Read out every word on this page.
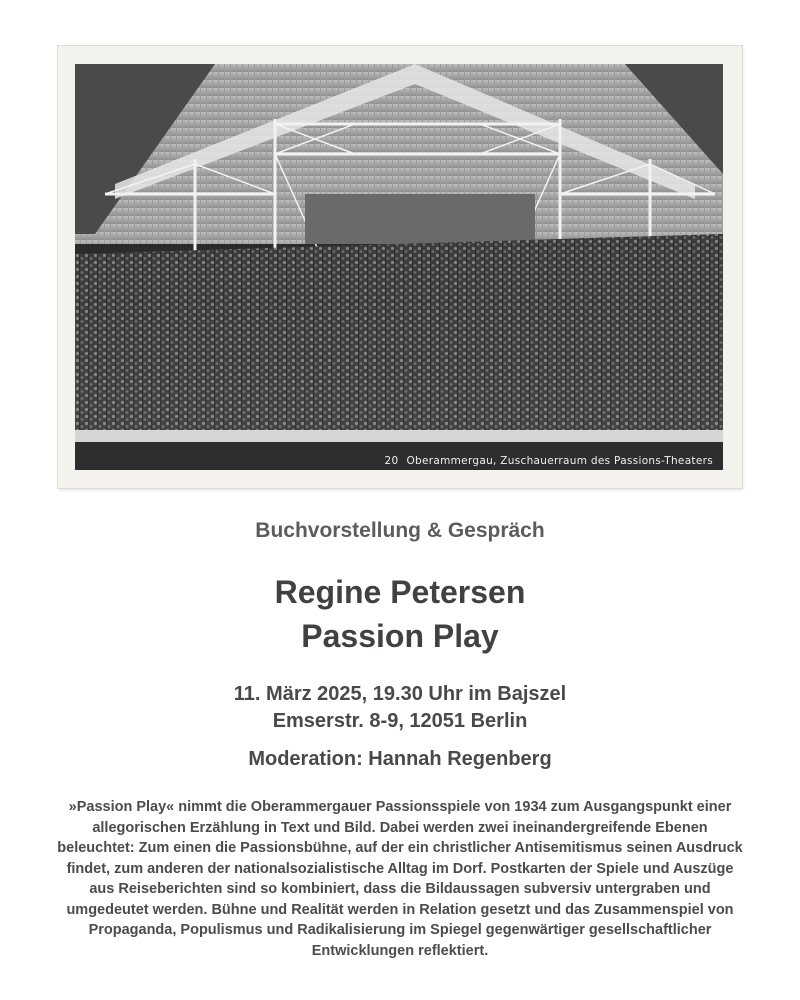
20 Oberammergau, Zuschauerraum des Passions-Theaters
Buchvorstellung & Gespräch
Regine Petersen
Passion Play
11. März 2025, 19.30 Uhr im Bajszel
Emserstr. 8-9, 12051 Berlin
Moderation: Hannah Regenberg
»Passion Play« nimmt die Oberammergauer Passionsspiele von 1934 zum Ausgangspunkt einer allegorischen Erzählung in Text und Bild. Dabei werden zwei ineinandergreifende Ebenen beleuchtet: Zum einen die Passionsbühne, auf der ein christlicher Antisemitismus seinen Ausdruck findet, zum anderen der nationalsozialistische Alltag im Dorf. Postkarten der Spiele und Auszüge aus Reiseberichten sind so kombiniert, dass die Bildaussagen subversiv untergraben und umgedeutet werden. Bühne und Realität werden in Relation gesetzt und das Zusammenspiel von Propaganda, Populismus und Radikalisierung im Spiegel gegenwärtiger gesellschaftlicher Entwicklungen reflektiert.
